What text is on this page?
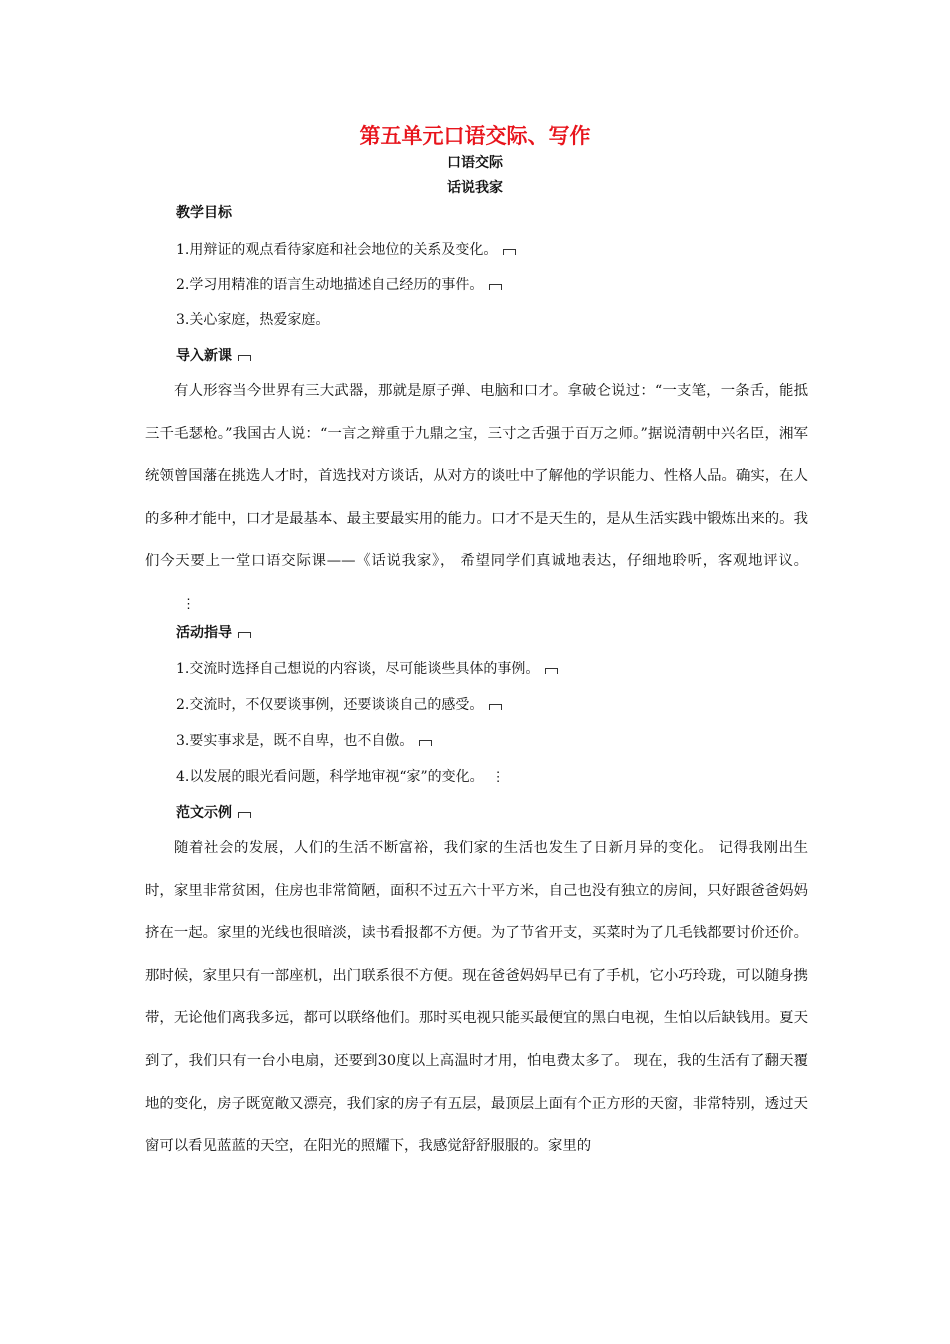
第五单元口语交际、写作
口语交际
话说我家
教学目标
1.用辩证的观点看待家庭和社会地位的关系及变化。
2.学习用精准的语言生动地描述自己经历的事件。
3.关心家庭，热爱家庭。
导入新课
有人形容当今世界有三大武器，那就是原子弹、电脑和口才。拿破仑说过：“一支笔，一条舌，能抵三千毛瑟枪。”我国古人说：“一言之辩重于九鼎之宝，三寸之舌强于百万之师。”据说清朝中兴名臣，湘军统领曾国藩在挑选人才时，首选找对方谈话，从对方的谈吐中了解他的学识能力、性格人品。确实，在人的多种才能中，口才是最基本、最主要最实用的能力。口才不是天生的，是从生活实践中锻炼出来的。我们今天要上一堂口语交际课——《话说我家》， 希望同学们真诚地表达，仔细地聆听，客观地评议。⋮
活动指导
1.交流时选择自己想说的内容谈，尽可能谈些具体的事例。
2.交流时，不仅要谈事例，还要谈谈自己的感受。
3.要实事求是，既不自卑，也不自傲。
4.以发展的眼光看问题，科学地审视“家”的变化。 ⋮
范文示例
随着社会的发展，人们的生活不断富裕，我们家的生活也发生了日新月异的变化。 记得我刚出生时，家里非常贫困，住房也非常简陋，面积不过五六十平方米，自己也没有独立的房间，只好跟爸爸妈妈挤在一起。家里的光线也很暗淡，读书看报都不方便。为了节省开支，买菜时为了几毛钱都要讨价还价。那时候，家里只有一部座机，出门联系很不方便。现在爸爸妈妈早已有了手机，它小巧玲珑，可以随身携带，无论他们离我多远，都可以联络他们。那时买电视只能买最便宜的黑白电视，生怕以后缺钱用。夏天到了，我们只有一台小电扇，还要到30度以上高温时才用，怕电费太多了。 现在，我的生活有了翻天覆地的变化，房子既宽敞又漂亮，我们家的房子有五层，最顶层上面有个正方形的天窗，非常特别，透过天窗可以看见蓝蓝的天空，在阳光的照耀下，我感觉舒舒服服的。家里的
